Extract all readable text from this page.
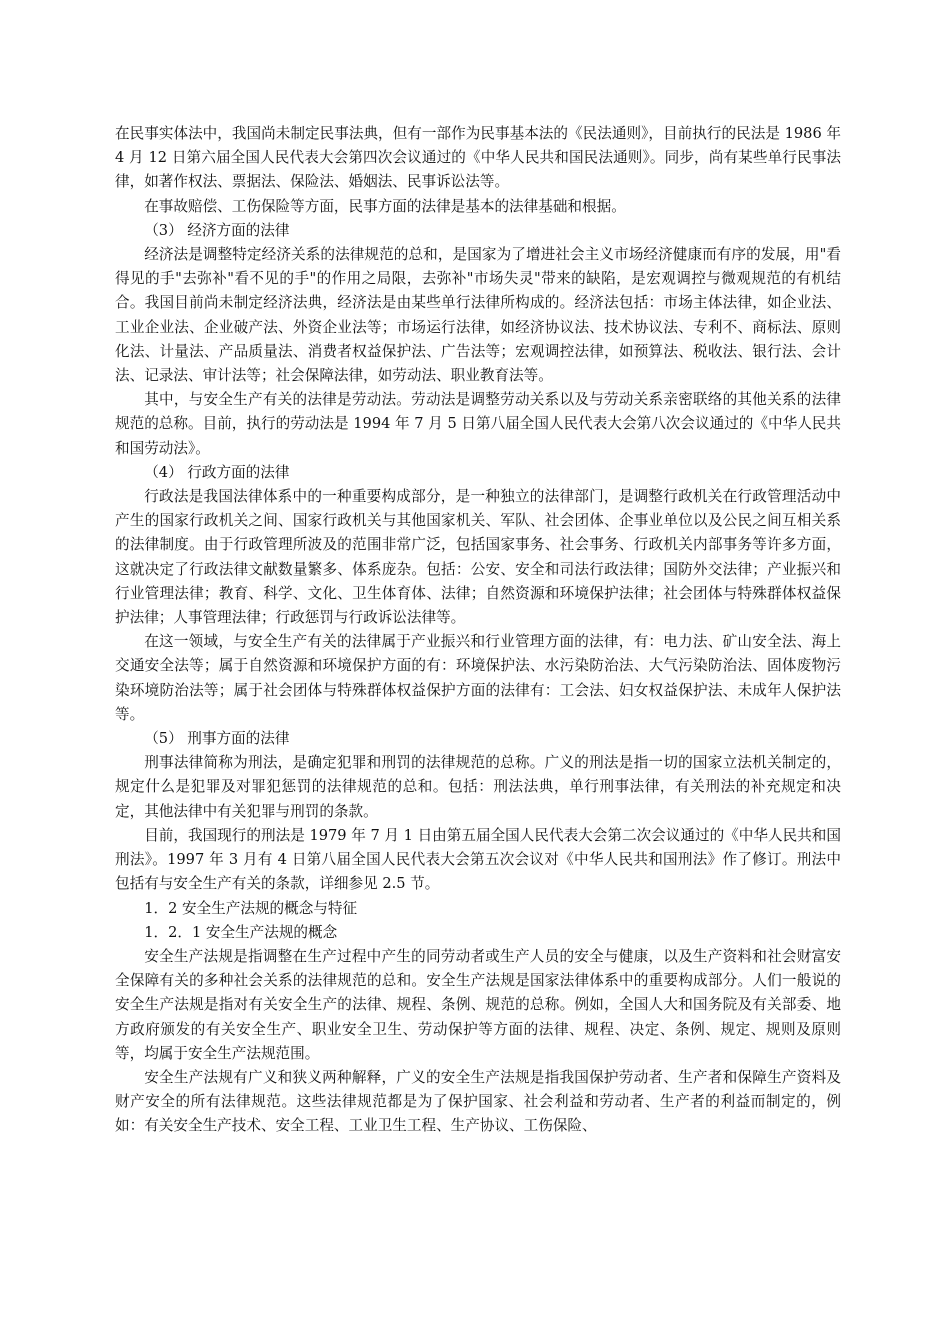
在民事实体法中，我国尚未制定民事法典，但有一部作为民事基本法的《民法通则》，目前执行的民法是 1986 年 4 月 12 日第六届全国人民代表大会第四次会议通过的《中华人民共和国民法通则》。同步，尚有某些单行民事法律，如著作权法、票据法、保险法、婚姻法、民事诉讼法等。

在事故赔偿、工伤保险等方面，民事方面的法律是基本的法律基础和根据。

（3） 经济方面的法律

经济法是调整特定经济关系的法律规范的总和，是国家为了增进社会主义市场经济健康而有序的发展，用"看得见的手"去弥补"看不见的手"的作用之局限，去弥补"市场失灵"带来的缺陷，是宏观调控与微观规范的有机结合。我国目前尚未制定经济法典，经济法是由某些单行法律所构成的。经济法包括：市场主体法律，如企业法、工业企业法、企业破产法、外资企业法等；市场运行法律，如经济协议法、技术协议法、专利不、商标法、原则化法、计量法、产品质量法、消费者权益保护法、广告法等；宏观调控法律，如预算法、税收法、银行法、会计法、记录法、审计法等；社会保障法律，如劳动法、职业教育法等。

其中，与安全生产有关的法律是劳动法。劳动法是调整劳动关系以及与劳动关系亲密联络的其他关系的法律规范的总称。目前，执行的劳动法是 1994 年 7 月 5 日第八届全国人民代表大会第八次会议通过的《中华人民共和国劳动法》。

（4） 行政方面的法律

行政法是我国法律体系中的一种重要构成部分，是一种独立的法律部门，是调整行政机关在行政管理活动中产生的国家行政机关之间、国家行政机关与其他国家机关、军队、社会团体、企事业单位以及公民之间互相关系的法律制度。由于行政管理所波及的范围非常广泛，包括国家事务、社会事务、行政机关内部事务等许多方面，这就决定了行政法律文献数量繁多、体系庞杂。包括：公安、安全和司法行政法律；国防外交法律；产业振兴和行业管理法律；教育、科学、文化、卫生体育体、法律；自然资源和环境保护法律；社会团体与特殊群体权益保护法律；人事管理法律；行政惩罚与行政诉讼法律等。

在这一领域，与安全生产有关的法律属于产业振兴和行业管理方面的法律，有：电力法、矿山安全法、海上交通安全法等；属于自然资源和环境保护方面的有：环境保护法、水污染防治法、大气污染防治法、固体废物污染环境防治法等；属于社会团体与特殊群体权益保护方面的法律有：工会法、妇女权益保护法、未成年人保护法等。

（5） 刑事方面的法律

刑事法律简称为刑法，是确定犯罪和刑罚的法律规范的总称。广义的刑法是指一切的国家立法机关制定的，规定什么是犯罪及对罪犯惩罚的法律规范的总和。包括：刑法法典，单行刑事法律，有关刑法的补充规定和决定，其他法律中有关犯罪与刑罚的条款。

目前，我国现行的刑法是 1979 年 7 月 1 日由第五届全国人民代表大会第二次会议通过的《中华人民共和国刑法》。1997 年 3 月有 4 日第八届全国人民代表大会第五次会议对《中华人民共和国刑法》作了修订。刑法中包括有与安全生产有关的条款，详细参见 2.5 节。

1．2 安全生产法规的概念与特征

1．2．1 安全生产法规的概念

安全生产法规是指调整在生产过程中产生的同劳动者或生产人员的安全与健康，以及生产资料和社会财富安全保障有关的多种社会关系的法律规范的总和。安全生产法规是国家法律体系中的重要构成部分。人们一般说的安全生产法规是指对有关安全生产的法律、规程、条例、规范的总称。例如，全国人大和国务院及有关部委、地方政府颁发的有关安全生产、职业安全卫生、劳动保护等方面的法律、规程、决定、条例、规定、规则及原则等，均属于安全生产法规范围。

安全生产法规有广义和狭义两种解释，广义的安全生产法规是指我国保护劳动者、生产者和保障生产资料及财产安全的所有法律规范。这些法律规范都是为了保护国家、社会利益和劳动者、生产者的利益而制定的，例如：有关安全生产技术、安全工程、工业卫生工程、生产协议、工伤保险、
